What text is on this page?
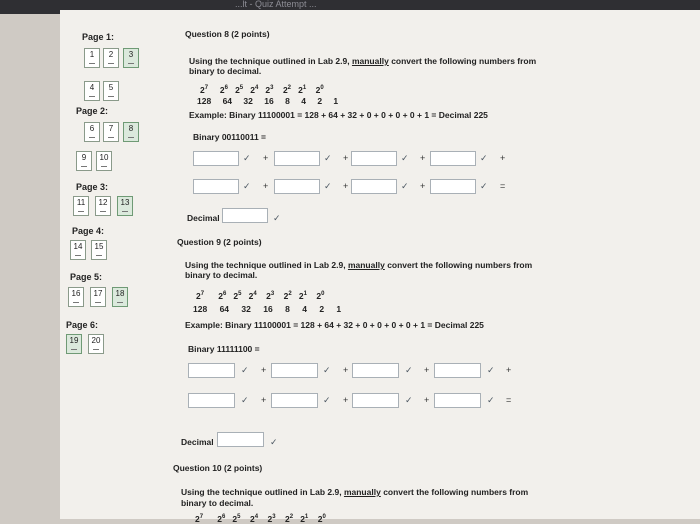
...lt - Quiz Attempt ...
Page 1:
1	2	3
4	5
Page 2:
6	7	8
9	10
Page 3:
11	12	13
Page 4:
14	15
Page 5:
16	17	18
Page 6:
19	20
Question 8 (2 points)
Using the technique outlined in Lab 2.9, manually convert the following numbers from
binary to decimal.
$2^7$ $2^6$ $2^5$ $2^4$ $2^3$ $2^2$ $2^1$ $2^0$
128 64 32 16 8 4 2 1
Example: Binary 11100001 = 128 + 64 + 32 + 0 + 0 + 0 + 0 + 1 = Decimal 225
Binary 00110011 =
✓ +	✓ +	✓ +	✓ +
✓ +	✓ +	✓ +	✓ =
Decimal	✓
Question 9 (2 points)
Using the technique outlined in Lab 2.9, manually convert the following numbers from
binary to decimal.
$2^7$ $2^6$ $2^5$ $2^4$ $2^3$ $2^2$ $2^1$ $2^0$
128 64 32 16 8 4 2 1
Example: Binary 11100001 = 128 + 64 + 32 + 0 + 0 + 0 + 0 + 1 = Decimal 225
Binary 11111100 =
✓ +	✓ +	✓ +	✓ +
✓ +	✓ +	✓ +	✓ =
Decimal	✓
Question 10 (2 points)
Using the technique outlined in Lab 2.9, manually convert the following numbers from
binary to decimal.
$2^7$ $2^6$ $2^5$ $2^4$ $2^3$ $2^2$ $2^1$ $2^0$
